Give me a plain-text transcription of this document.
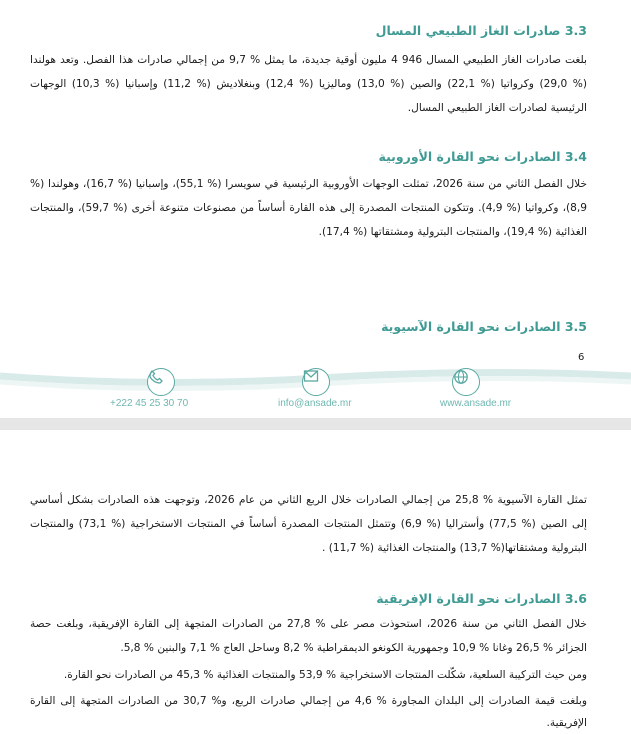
3.3 صادرات الغاز الطبيعي المسال

بلغت صادرات الغاز الطبيعي المسال 946 4 مليون أوقية جديدة، ما يمثل % 9,7 من إجمالي صادرات هذا الفصل. وتعد هولندا (% 29,0) وكرواتيا (% 22,1) والصين (% 13,0) وماليزيا (% 12,4) وبنغلاديش (% 11,2) وإسبانيا (% 10,3) الوجهات الرئيسية لصادرات الغاز الطبيعي المسال.

3.4 الصادرات نحو القارة الأوروبية

خلال الفصل الثاني من سنة 2026، تمثلت الوجهات الأوروبية الرئيسية في سويسرا (% 55,1)، وإسبانيا (% 16,7)، وهولندا (% 8,9)، وكرواتيا (% 4,9). وتتكون المنتجات المصدرة إلى هذه القارة أساساً من مصنوعات متنوعة أخرى (% 59,7)، والمنتجات الغذائية (% 19,4)، والمنتجات البترولية ومشتقاتها (% 17,4).

3.5 الصادرات نحو القارة الآسيوية

6
+222 45 25 30 70	info@ansade.mr	www.ansade.mr

تمثل القارة الآسيوية % 25,8 من إجمالي الصادرات خلال الربع الثاني من عام 2026، وتوجهت هذه الصادرات بشكل أساسي إلى الصين (% 77,5) وأستراليا (% 6,9) وتتمثل المنتجات المصدرة أساساً في المنتجات الاستخراجية (% 73,1) والمنتجات البترولية ومشتقاتها(% 13,7) والمنتجات الغذائية (% 11,7) .

3.6 الصادرات نحو القارة الإفريقية

خلال الفصل الثاني من سنة 2026، استحوذت مصر على % 27,8 من الصادرات المتجهة إلى القارة الإفريقية، وبلغت حصة الجزائر % 26,5 وغانا % 10,9 وجمهورية الكونغو الديمقراطية % 8,2 وساحل العاج % 7,1 والبنين % 5,8.

ومن حيث التركيبة السلعية، شكّلت المنتجات الاستخراجية % 53,9 والمنتجات الغذائية % 45,3 من الصادرات نحو القارة.

وبلغت قيمة الصادرات إلى البلدان المجاورة % 4,6 من إجمالي صادرات الربع، و% 30,7 من الصادرات المتجهة إلى القارة الإفريقية.
